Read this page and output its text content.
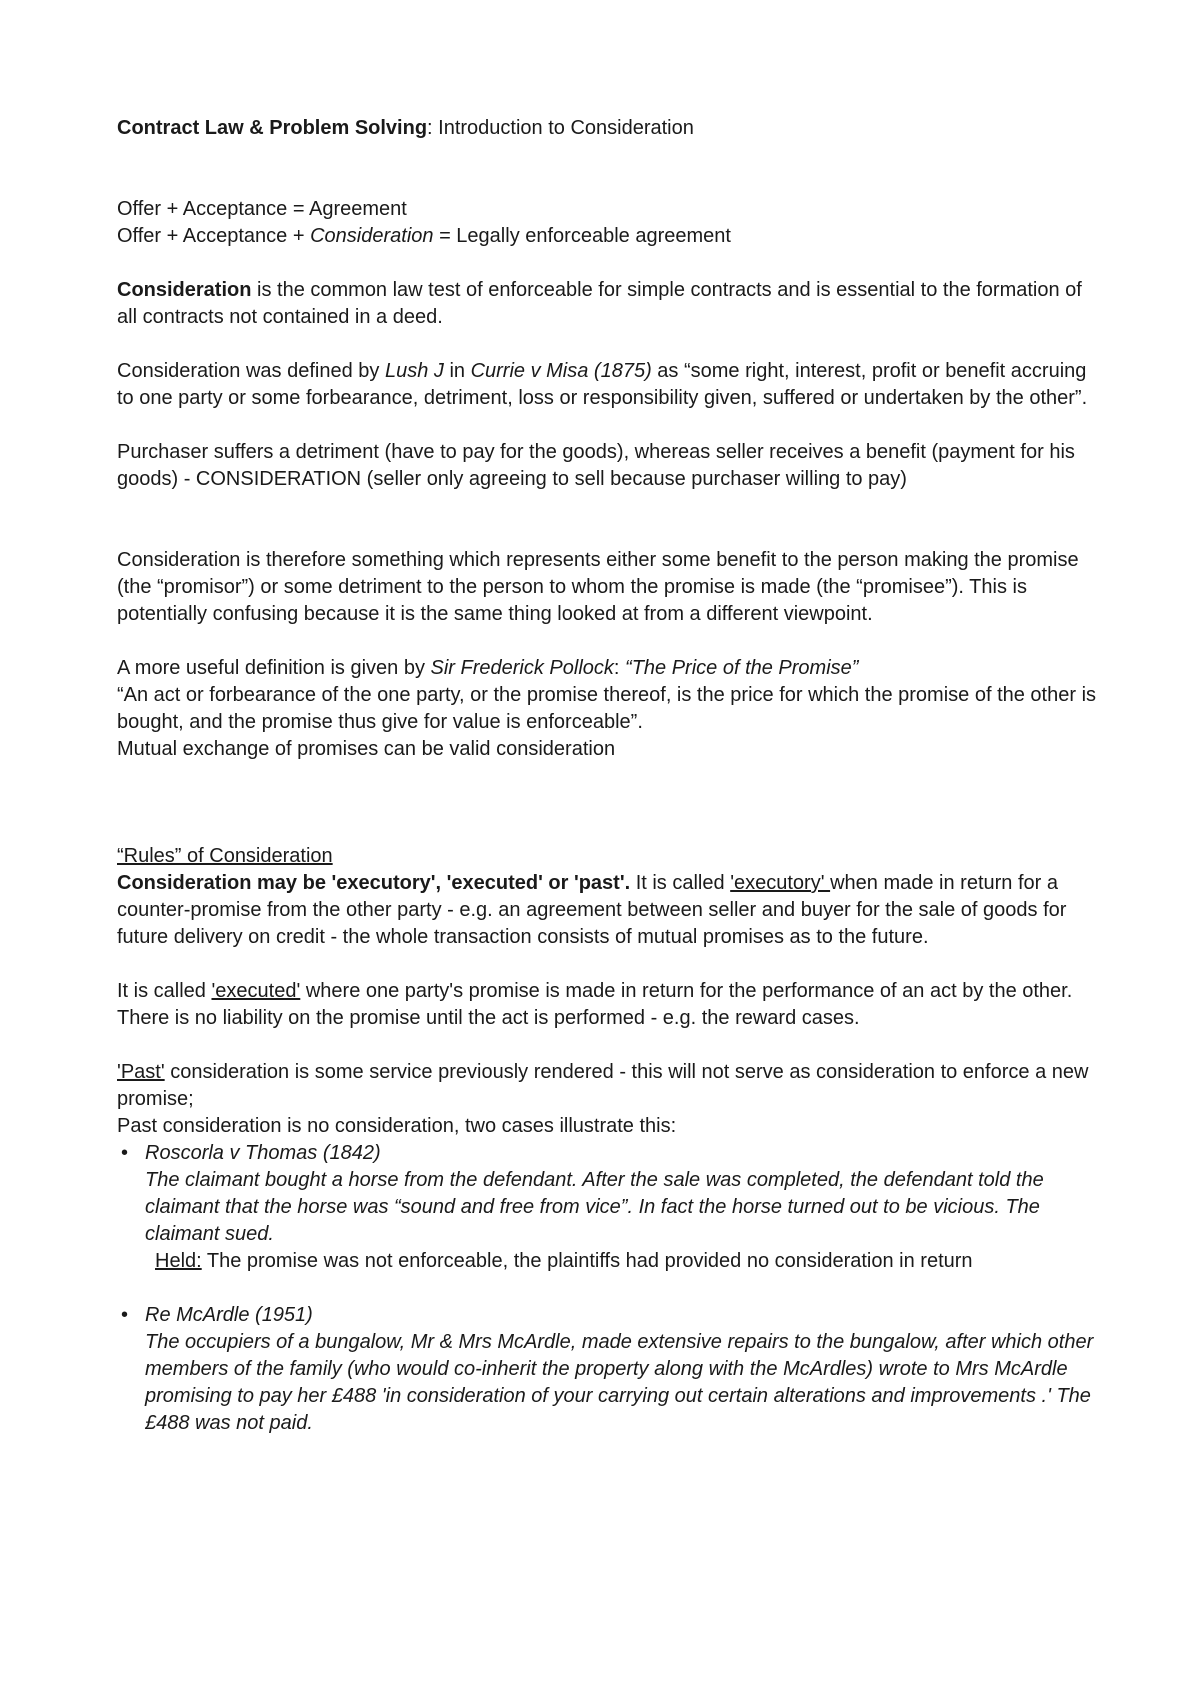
Contract Law & Problem Solving: Introduction to Consideration

Offer + Acceptance = Agreement

Offer + Acceptance + Consideration = Legally enforceable agreement

Consideration is the common law test of enforceable for simple contracts and is essential to the formation of all contracts not contained in a deed.

Consideration was defined by Lush J in Currie v Misa (1875) as “some right, interest, profit or benefit accruing to one party or some forbearance, detriment, loss or responsibility given, suffered or undertaken by the other”.

Purchaser suffers a detriment (have to pay for the goods), whereas seller receives a benefit (payment for his goods) - CONSIDERATION (seller only agreeing to sell because purchaser willing to pay)

Consideration is therefore something which represents either some benefit to the person making the promise (the “promisor”) or some detriment to the person to whom the promise is made (the “promisee”). This is potentially confusing because it is the same thing looked at from a different viewpoint.

A more useful definition is given by Sir Frederick Pollock: “The Price of the Promise”

“An act or forbearance of the one party, or the promise thereof, is the price for which the promise of the other is bought, and the promise thus give for value is enforceable”.

Mutual exchange of promises can be valid consideration

“Rules” of Consideration

Consideration may be 'executory', 'executed' or 'past'. It is called 'executory' when made in return for a counter-promise from the other party - e.g. an agreement between seller and buyer for the sale of goods for future delivery on credit - the whole transaction consists of mutual promises as to the future.

It is called 'executed' where one party's promise is made in return for the performance of an act by the other. There is no liability on the promise until the act is performed - e.g. the reward cases.

'Past' consideration is some service previously rendered - this will not serve as consideration to enforce a new promise;

Past consideration is no consideration, two cases illustrate this:

• Roscorla v Thomas (1842)

The claimant bought a horse from the defendant. After the sale was completed, the defendant told the claimant that the horse was “sound and free from vice”. In fact the horse turned out to be vicious. The claimant sued.

Held: The promise was not enforceable, the plaintiffs had provided no consideration in return

• Re McArdle (1951)

The occupiers of a bungalow, Mr & Mrs McArdle, made extensive repairs to the bungalow, after which other members of the family (who would co-inherit the property along with the McArdles) wrote to Mrs McArdle promising to pay her £488 'in consideration of your carrying out certain alterations and improvements .' The £488 was not paid.
